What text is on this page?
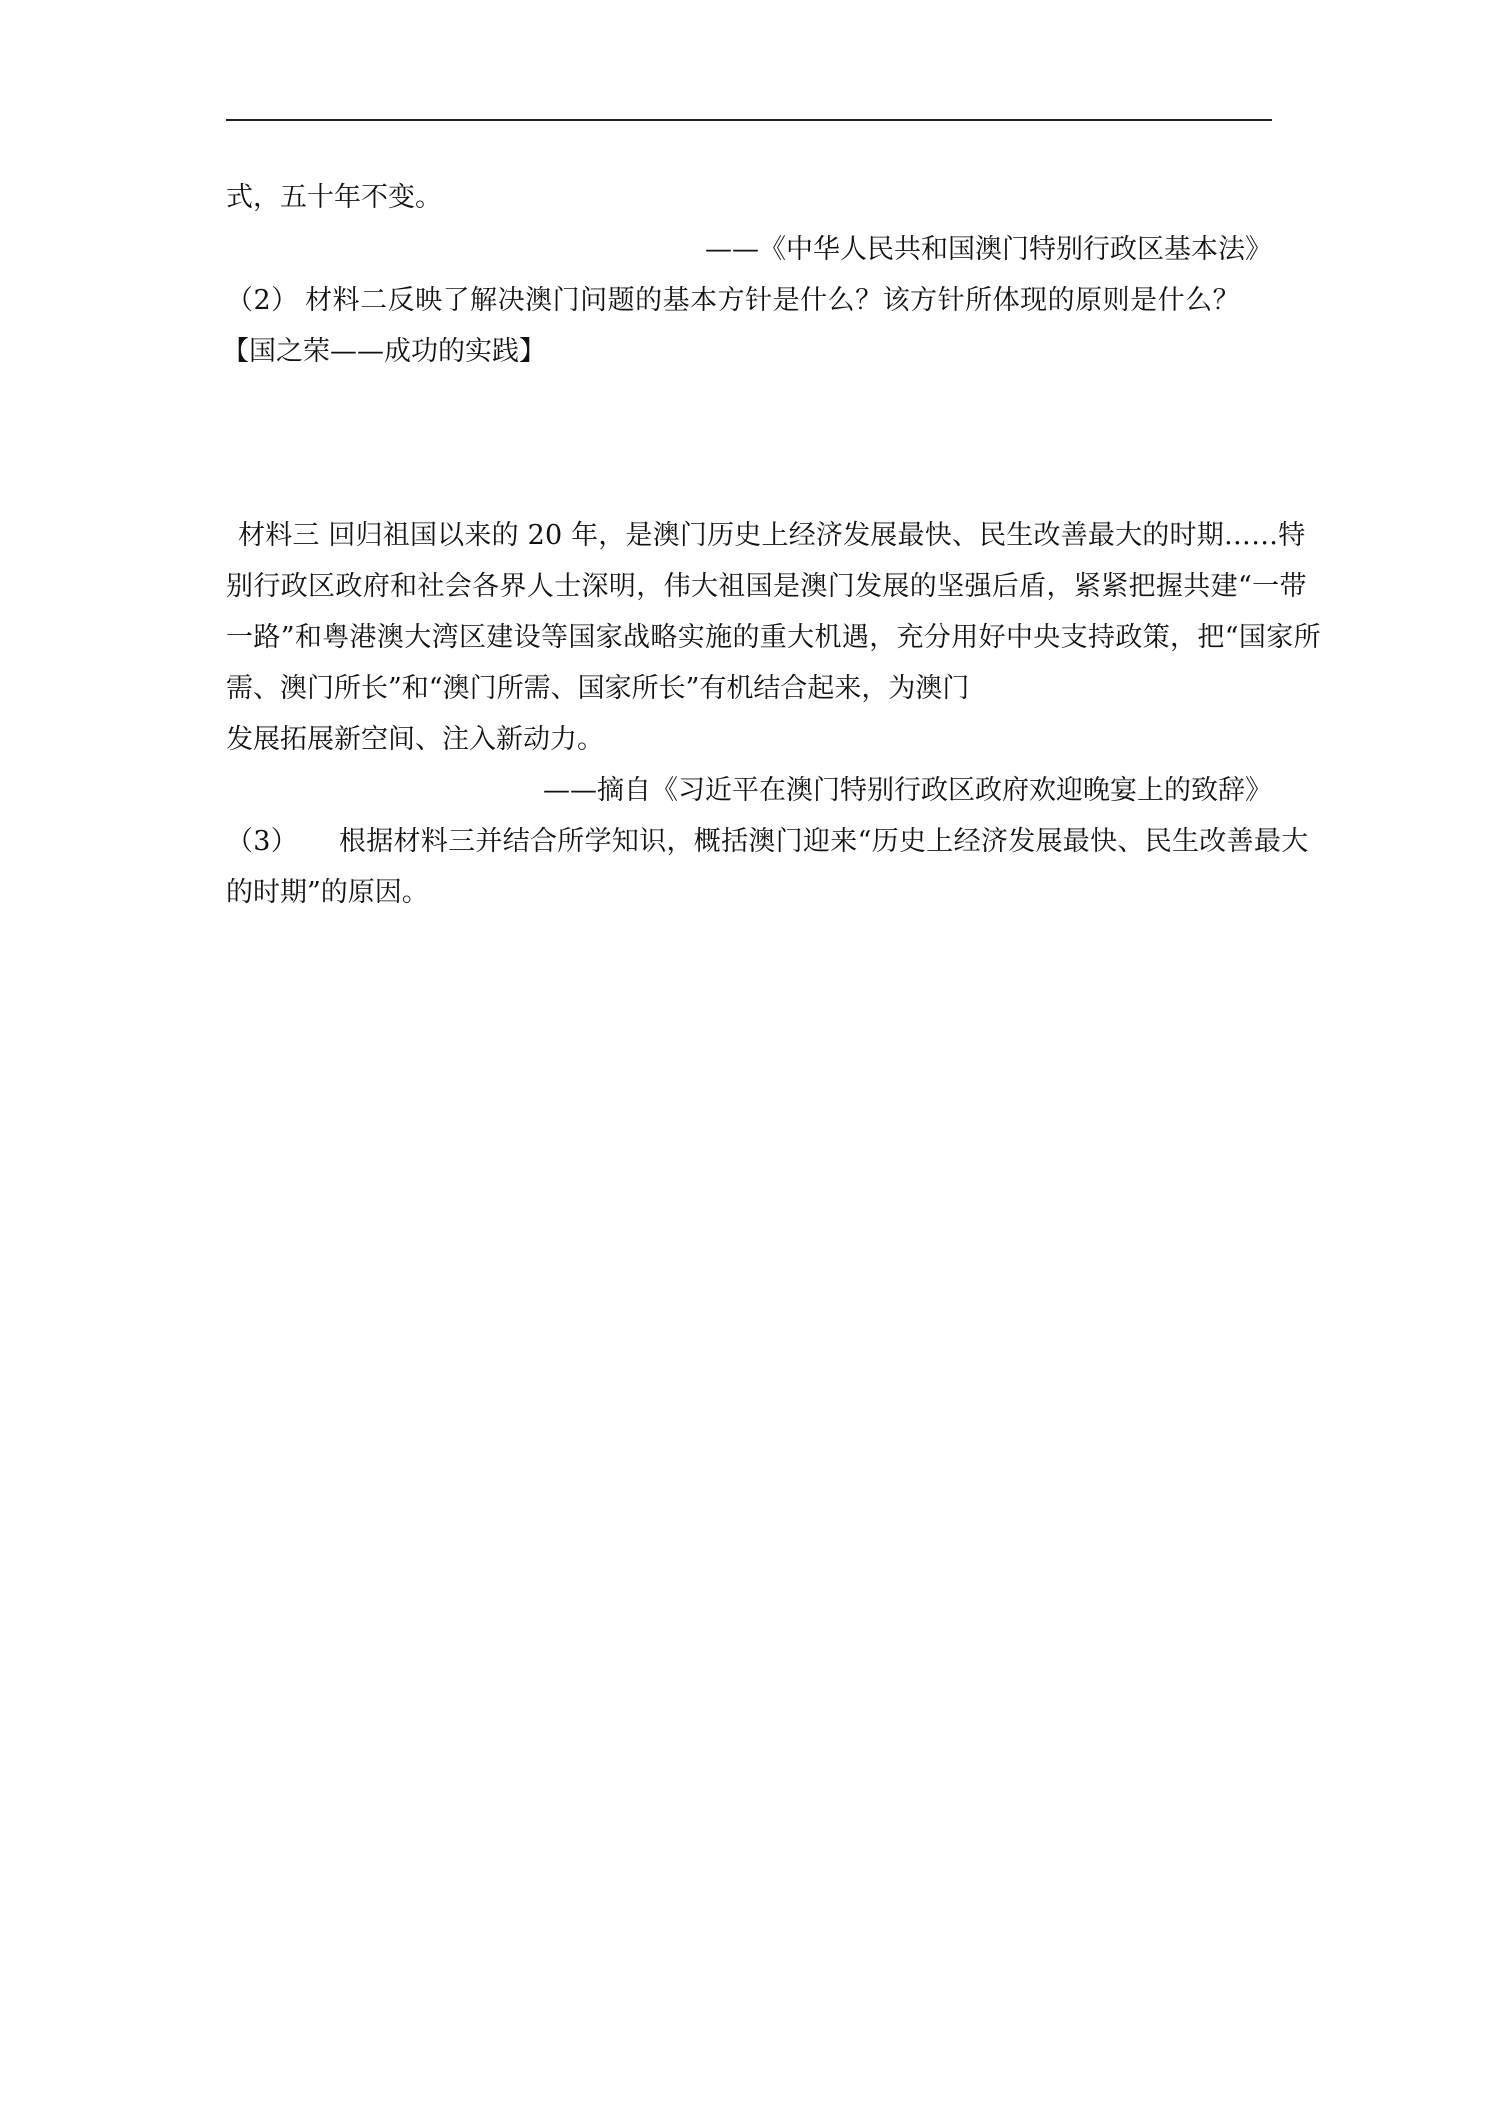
式，五十年不变。
——《中华人民共和国澳门特别行政区基本法》
（2） 材料二反映了解决澳门问题的基本方针是什么？该方针所体现的原则是什么？
【国之荣——成功的实践】
材料三 回归祖国以来的 20 年，是澳门历史上经济发展最快、民生改善最大的时期……特
别行政区政府和社会各界人士深明，伟大祖国是澳门发展的坚强后盾，紧紧把握共建“一带
一路”和粤港澳大湾区建设等国家战略实施的重大机遇，充分用好中央支持政策，把“国家所
需、澳门所长”和“澳门所需、国家所长”有机结合起来，为澳门
发展拓展新空间、注入新动力。
——摘自《习近平在澳门特别行政区政府欢迎晚宴上的致辞》
（3） 根据材料三并结合所学知识，概括澳门迎来“历史上经济发展最快、民生改善最大
的时期”的原因。
